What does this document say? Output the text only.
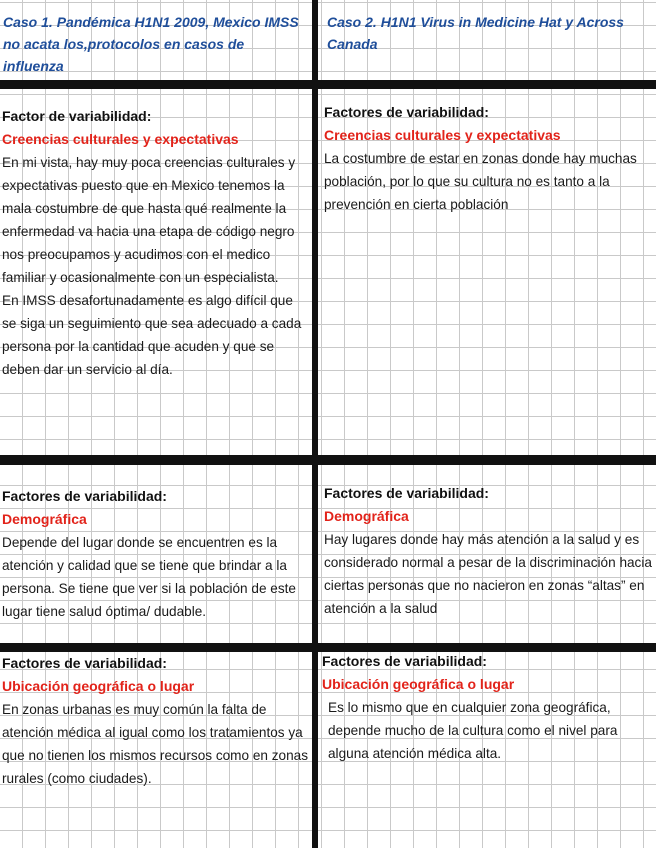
Caso 1. Pandémica H1N1 2009, Mexico IMSS no acata los,protocolos en casos de influenza

Caso 2. H1N1 Virus in Medicine Hat y Across Canada

Factor de variabilidad:

Creencias culturales y expectativas

En mi vista, hay muy poca creencias culturales y expectativas puesto que en Mexico tenemos la mala costumbre de que hasta qué realmente la enfermedad va hacia una etapa de código negro nos preocupamos y acudimos con el medico familiar y ocasionalmente con un especialista.

En IMSS desafortunadamente es algo difícil que se siga un seguimiento que sea adecuado a cada persona por la cantidad que acuden y que se deben dar un servicio al día.

Factores de variabilidad:

Creencias culturales y expectativas

La costumbre de estar en zonas donde hay muchas población, por lo que su cultura no es tanto a la prevención en cierta población

Factores de variabilidad:

Demográfica

Depende del lugar donde se encuentren es la atención y calidad que se tiene que brindar a la persona. Se tiene que ver si la población de este lugar tiene salud óptima/ dudable.

Factores de variabilidad:

Demográfica

Hay lugares donde hay más atención a la salud y es considerado normal a pesar de la discriminación hacia ciertas personas que no nacieron en zonas “altas” en atención a la salud

Factores de variabilidad:

Ubicación geográfica o lugar

En zonas urbanas es muy común la falta de atención médica al igual como los tratamientos ya que no tienen los mismos recursos como en zonas rurales (como ciudades).

Factores de variabilidad:

Ubicación geográfica o lugar

Es lo mismo que en cualquier zona geográfica, depende mucho de la cultura como el nivel para alguna atención médica alta.
